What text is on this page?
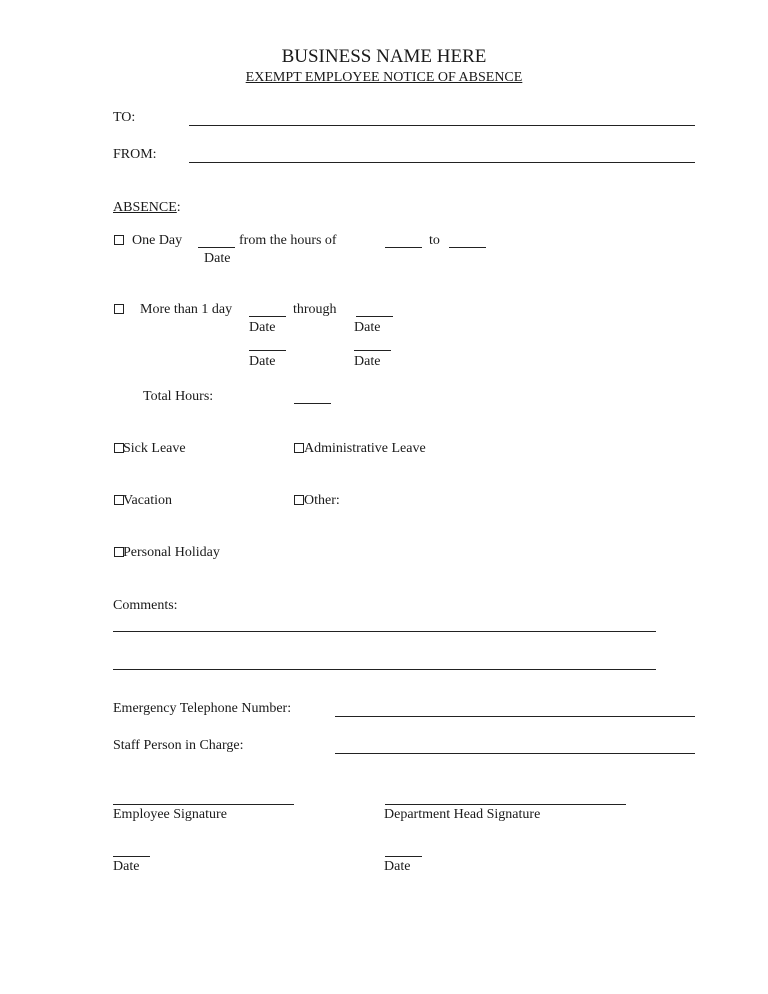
BUSINESS NAME HERE
EXEMPT EMPLOYEE NOTICE OF ABSENCE
TO:
FROM:
ABSENCE:
One Day	from the hours of	to
Date
More than 1 day	through
Date	Date
Date	Date
Total Hours:
Sick Leave	Administrative Leave
Vacation	Other:
Personal Holiday
Comments:
Emergency Telephone Number:
Staff Person in Charge:
Employee Signature	Department Head Signature
Date	Date
